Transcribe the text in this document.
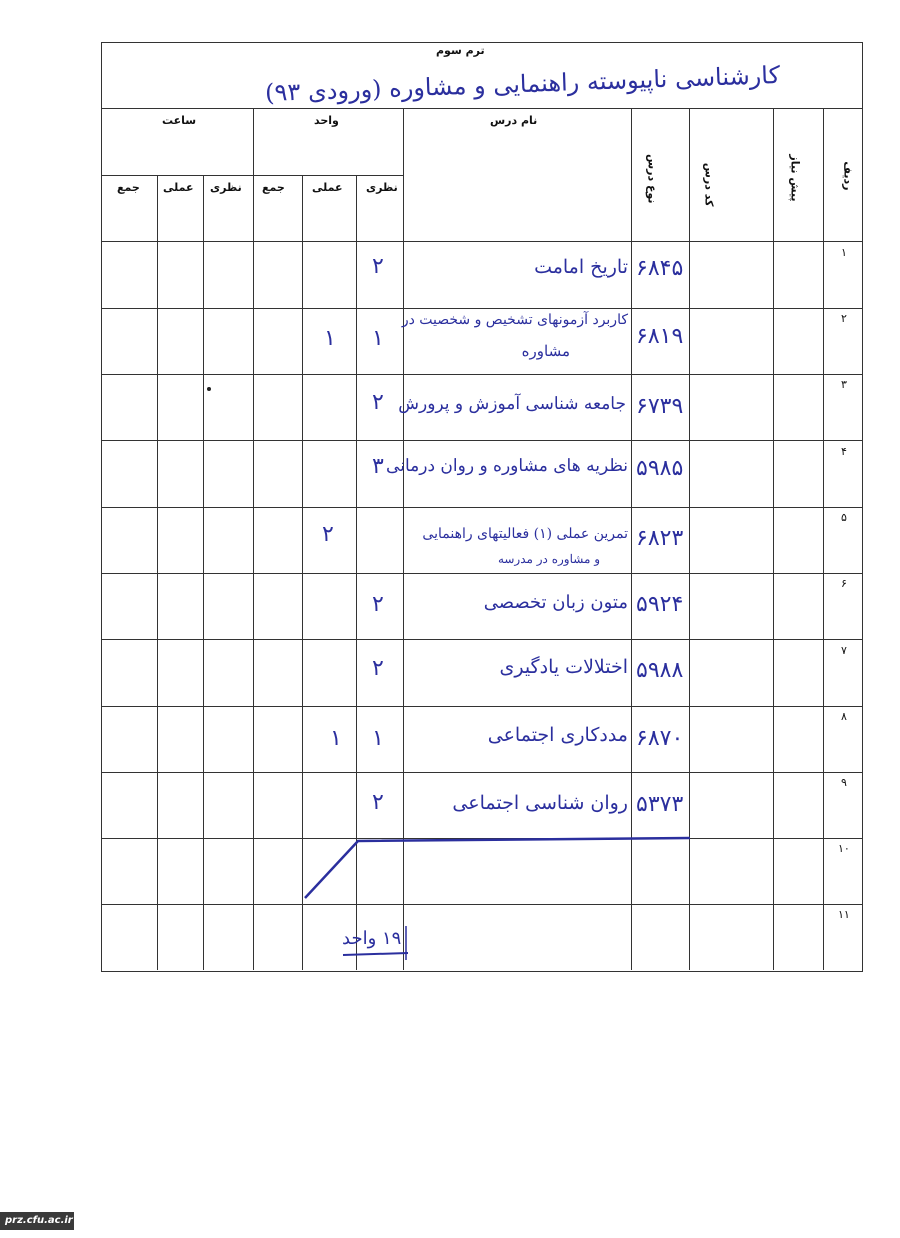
ترم سوم
کارشناسی ناپیوسته راهنمایی و مشاوره (ورودی ۹۳)
نام درس
واحد
ساعت
نظری
عملی
جمع
نظری
عملی
جمع	ردیف
پیش نیاز
کد درس
نوع درس
۱
۲
۳
۴
۵
۶
۷
۸
۹
۱۰
۱۱
۶۸۴۵
۶۸۱۹
۶۷۳۹
۵۹۸۵
۶۸۲۳
۵۹۲۴
۵۹۸۸
۶۸۷۰
۵۳۷۳
تاریخ امامت
کاربرد آزمونهای تشخیص و شخصیت در
مشاوره
جامعه شناسی آموزش و پرورش
نظریه های مشاوره و روان درمانی
تمرین عملی (۱) فعالیتهای راهنمایی
و مشاوره در مدرسه
متون زبان تخصصی
اختلالات یادگیری
مددکاری اجتماعی
روان شناسی اجتماعی
۲
۱
۲
۳
۲
۲
۱
۲
۱
۲
۱
۱۹ واحد
prz.cfu.ac.ir
